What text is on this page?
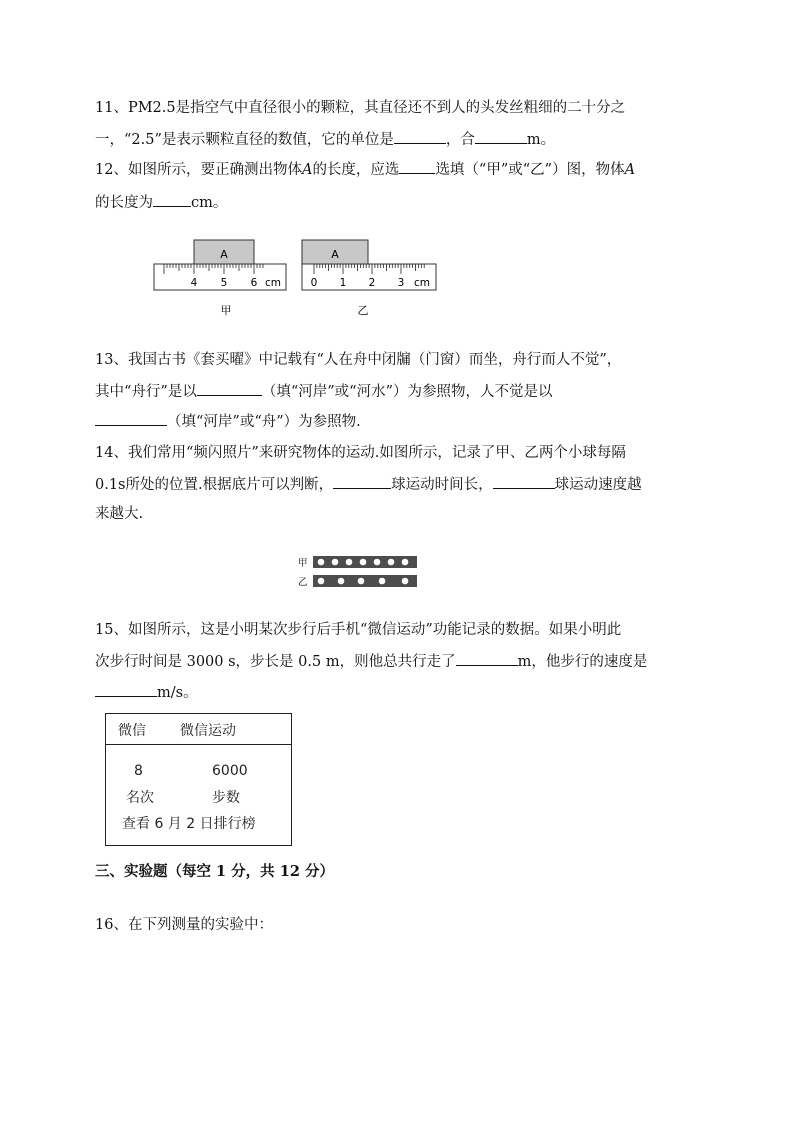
11、PM2.5是指空气中直径很小的颗粒，其直径还不到人的头发丝粗细的二十分之
一，“2.5”是表示颗粒直径的数值，它的单位是	，合	m。
12、如图所示，要正确测出物体A的长度，应选 选填（“甲”或“乙”）图，物体A
的长度为	cm。
A
4 5 6 cm
甲
A
0 1 2 3 cm
乙
13、我国古书《套买曜》中记载有“人在舟中闭牖（门窗）而坐，舟行而人不觉”，
其中“舟行”是以	（填“河岸”或“河水”）为参照物，人不觉是以
（填“河岸”或“舟”）为参照物.
14、我们常用“频闪照片”来研究物体的运动.如图所示，记录了甲、乙两个小球每隔
0.1s所处的位置.根据底片可以判断，	球运动时间长，	球运动速度越
来越大.
甲
乙
15、如图所示，这是小明某次步行后手机“微信运动”功能记录的数据。如果小明此
次步行时间是 3000 s，步长是 0.5 m，则他总共行走了	m，他步行的速度是
m/s。
微信 微信运动
8	6000
名次	步数
查看 6 月 2 日排行榜
三、实验题（每空 1 分，共 12 分）
16、在下列测量的实验中：
